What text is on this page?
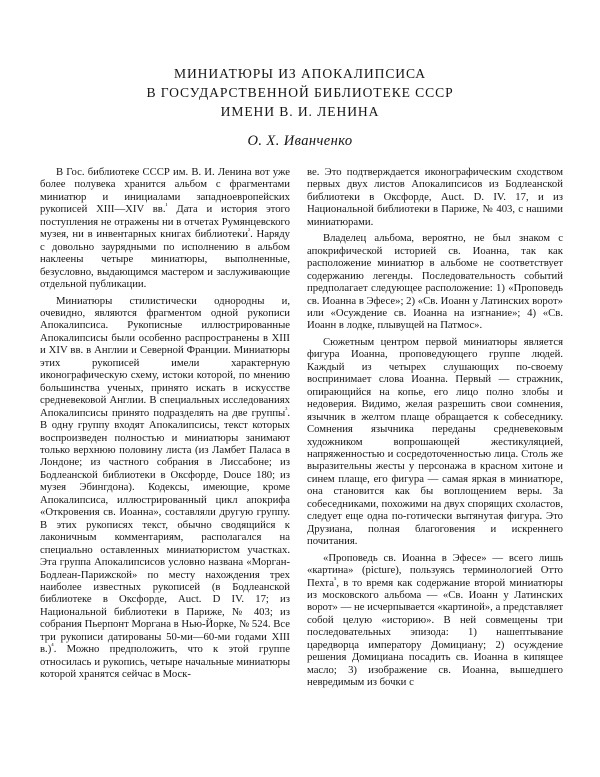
МИНИАТЮРЫ ИЗ АПОКАЛИПСИСА
В ГОСУДАРСТВЕННОЙ БИБЛИОТЕКЕ СССР
ИМЕНИ В. И. ЛЕНИНА
О. Х. Иванченко

В Гос. библиотеке СССР им. В. И. Ленина вот уже более полувека хранится альбом с фрагментами миниатюр и инициалами западноевропейских рукописей XIII—XIV вв.$^{^1}$ Дата и история этого поступления не отражены ни в отчетах Румянцевского музея, ни в инвентарных книгах библиотеки$^{^2}$. Наряду с довольно заурядными по исполнению в альбом наклеены четыре миниатюры, выполненные, безусловно, выдающимся мастером и заслуживающие отдельной публикации.

Миниатюры стилистически однородны и, очевидно, являются фрагментом одной рукописи Апокалипсиса. Рукописные иллюстрированные Апокалипсисы были особенно распространены в XIII и XIV вв. в Англии и Северной Франции. Миниатюры этих рукописей имели характерную иконографическую схему, истоки которой, по мнению большинства ученых, принято искать в искусстве средневековой Англии. В специальных исследованиях Апокалипсисы принято подразделять на две группы$^{^3}$. В одну группу входят Апокалипсисы, текст которых воспроизведен полностью и миниатюры занимают только верхнюю половину листа (из Ламбет Паласа в Лондоне; из частного собрания в Лиссабоне; из Бодлеанской библиотеки в Оксфорде, Douce 180; из музея Эбингдона). Кодексы, имеющие, кроме Апокалипсиса, иллюстрированный цикл апокрифа «Откровения св. Иоанна», составляли другую группу. В этих рукописях текст, обычно сводящийся к лаконичным комментариям, располагался на специально оставленных миниатюристом участках. Эта группа Апокалипсисов условно названа «Морган-Бодлеан-Парижской» по месту нахождения трех наиболее известных рукописей (в Бодлеанской библиотеке в Оксфорде, Auct. D IV. 17; из Национальной библиотеки в Париже, № 403; из собрания Пьерпонт Моргана в Нью-Йорке, № 524. Все три рукописи датированы 50-ми—60-ми годами XIII в.)$^{^4}$. Можно предположить, что к этой группе относилась и рукопись, четыре начальные миниатюры которой хранятся сейчас в Моск-

ве. Это подтверждается иконографическим сходством первых двух листов Апокалипсисов из Бодлеанской библиотеки в Оксфорде, Auct. D. IV. 17, и из Национальной библиотеки в Париже, № 403, с нашими миниатюрами.

Владелец альбома, вероятно, не был знаком с апокрифической историей св. Иоанна, так как расположение миниатюр в альбоме не соответствует содержанию легенды. Последовательность событий предполагает следующее расположение: 1) «Проповедь св. Иоанна в Эфесе»; 2) «Св. Иоанн у Латинских ворот» или «Осуждение св. Иоанна на изгнание»; 4) «Св. Иоанн в лодке, плывущей на Патмос».

Сюжетным центром первой миниатюры является фигура Иоанна, проповедующего группе людей. Каждый из четырех слушающих по-своему воспринимает слова Иоанна. Первый — стражник, опирающийся на копье, его лицо полно злобы и недоверия. Видимо, желая разрешить свои сомнения, язычник в желтом плаще обращается к собеседнику. Сомнения язычника переданы средневековым художником вопрошающей жестикуляцией, напряженностью и сосредоточенностью лица. Столь же выразительны жесты у персонажа в красном хитоне и синем плаще, его фигура — самая яркая в миниатюре, она становится как бы воплощением веры. За собеседниками, похожими на двух спорящих схоластов, следует еще одна по-готически вытянутая фигура. Это Друзиана, полная благоговения и искреннего почитания.

«Проповедь св. Иоанна в Эфесе» — всего лишь «картина» (picture), пользуясь терминологией Отто Пехта$^{^5}$, в то время как содержание второй миниатюры из московского альбома — «Св. Иоанн у Латинских ворот» — не исчерпывается «картиной», а представляет собой целую «историю». В ней совмещены три последовательных эпизода: 1) нашептывание царедворца императору Домициану; 2) осуждение решения Домициана посадить св. Иоанна в кипящее масло; 3) изображение св. Иоанна, вышедшего невредимым из бочки с
